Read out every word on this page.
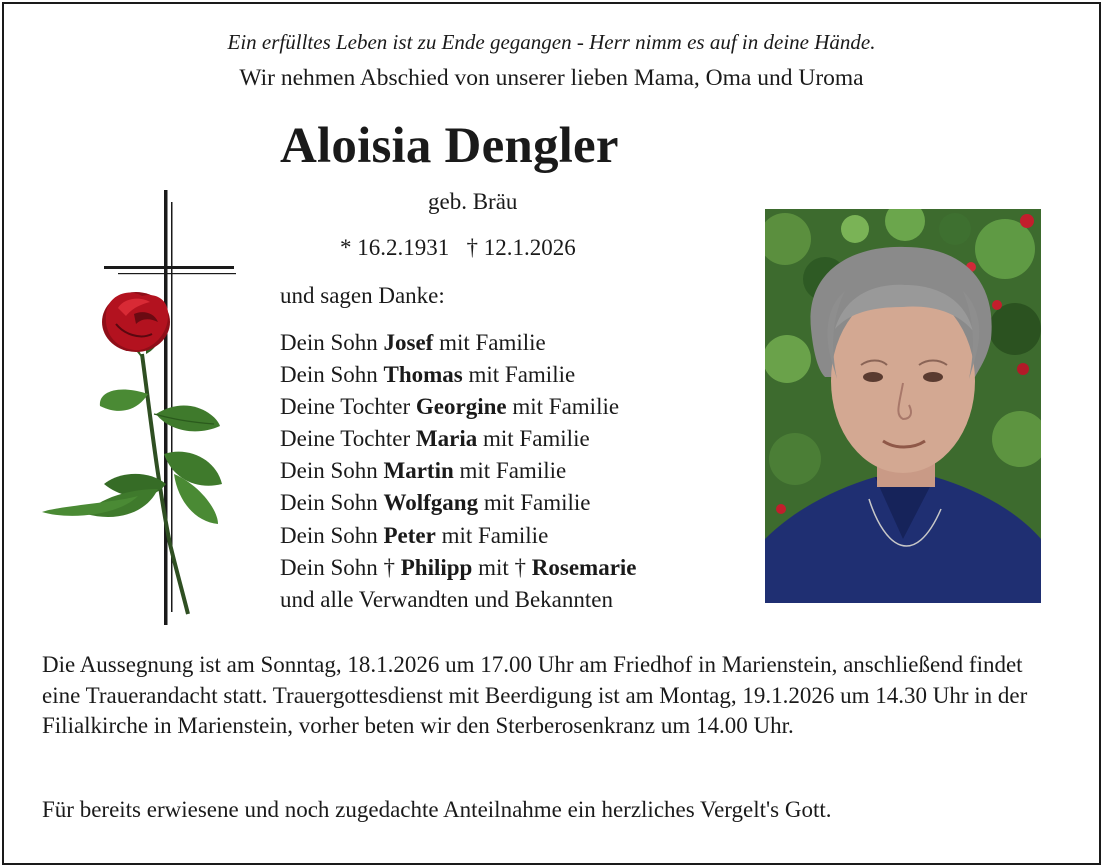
Ein erfülltes Leben ist zu Ende gegangen - Herr nimm es auf in deine Hände.
Wir nehmen Abschied von unserer lieben Mama, Oma und Uroma
Aloisia Dengler
geb. Bräu
* 16.2.1931 † 12.1.2026
und sagen Danke:
Dein Sohn Josef mit Familie
Dein Sohn Thomas mit Familie
Deine Tochter Georgine mit Familie
Deine Tochter Maria mit Familie
Dein Sohn Martin mit Familie
Dein Sohn Wolfgang mit Familie
Dein Sohn Peter mit Familie
Dein Sohn † Philipp mit † Rosemarie
und alle Verwandten und Bekannten

Die Aussegnung ist am Sonntag, 18.1.2026 um 17.00 Uhr am Friedhof in Marienstein, anschließend findet eine Trauerandacht statt. Trauergottesdienst mit Beerdigung ist am Montag, 19.1.2026 um 14.30 Uhr in der Filialkirche in Marienstein, vorher beten wir den Sterberosenkranz um 14.00 Uhr.

Für bereits erwiesene und noch zugedachte Anteilnahme ein herzliches Vergelt's Gott.
